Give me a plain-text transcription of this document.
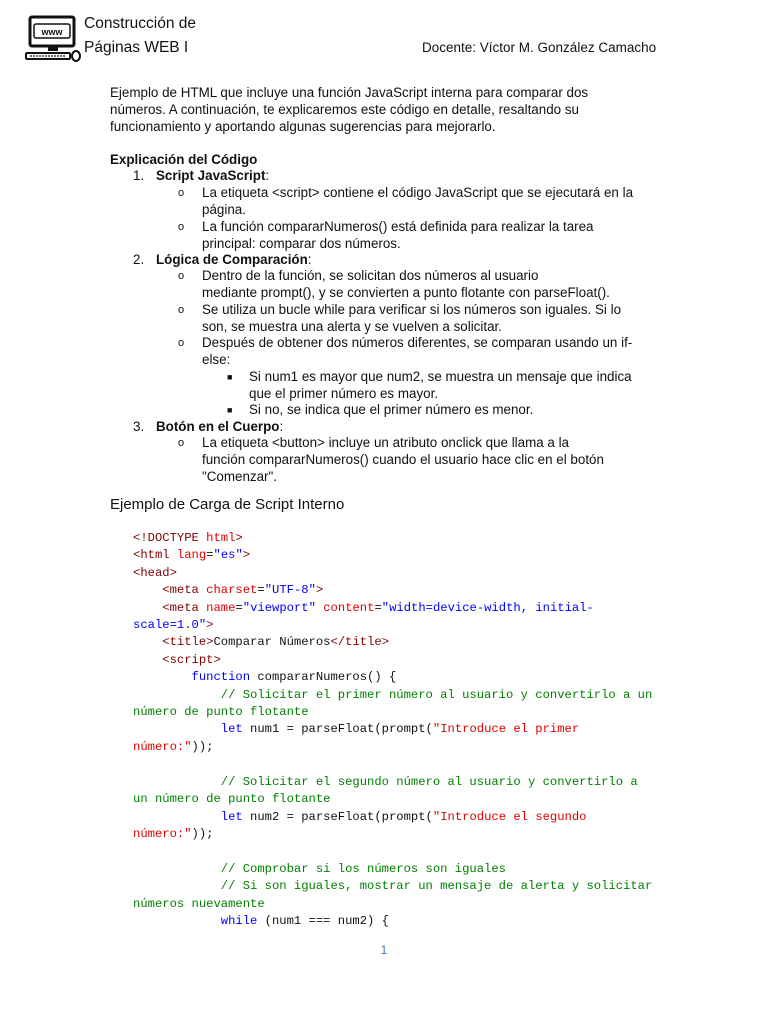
www Construcción de
Páginas WEB I	Docente: Víctor M. González Camacho
Ejemplo de HTML que incluye una función JavaScript interna para comparar dos
números. A continuación, te explicaremos este código en detalle, resaltando su
funcionamiento y aportando algunas sugerencias para mejorarlo.
Explicación del Código
1. Script JavaScript:
o La etiqueta <script> contiene el código JavaScript que se ejecutará en la
página.
o La función compararNumeros() está definida para realizar la tarea
principal: comparar dos números.
2. Lógica de Comparación:
o Dentro de la función, se solicitan dos números al usuario
mediante prompt(), y se convierten a punto flotante con parseFloat().
o Se utiliza un bucle while para verificar si los números son iguales. Si lo
son, se muestra una alerta y se vuelven a solicitar.
o Después de obtener dos números diferentes, se comparan usando un if-
else:
■ Si num1 es mayor que num2, se muestra un mensaje que indica
que el primer número es mayor.
■ Si no, se indica que el primer número es menor.
3. Botón en el Cuerpo:
o La etiqueta <button> incluye un atributo onclick que llama a la
función compararNumeros() cuando el usuario hace clic en el botón
"Comenzar".
Ejemplo de Carga de Script Interno
<!DOCTYPE html>
<html lang="es">
<head>
<meta charset="UTF-8">
<meta name="viewport" content="width=device-width, initial-
scale=1.0">
<title>Comparar Números</title>
<script>
function compararNumeros() {
// Solicitar el primer número al usuario y convertirlo a un
número de punto flotante
let num1 = parseFloat(prompt("Introduce el primer
número:"));

// Solicitar el segundo número al usuario y convertirlo a
un número de punto flotante
let num2 = parseFloat(prompt("Introduce el segundo
número:"));

// Comprobar si los números son iguales
// Si son iguales, mostrar un mensaje de alerta y solicitar
números nuevamente
while (num1 === num2) {
1
